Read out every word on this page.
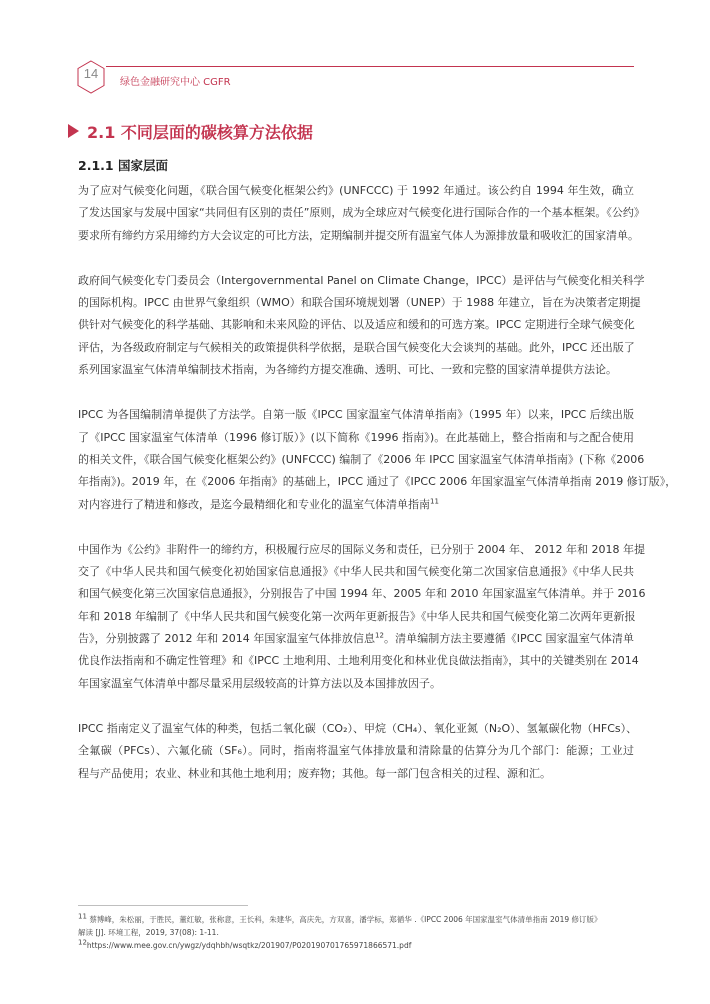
14
绿色金融研究中心 CGFR
2.1 不同层面的碳核算方法依据
2.1.1 国家层面
为了应对气候变化问题，《联合国气候变化框架公约》(UNFCCC) 于 1992 年通过。该公约自 1994 年生效，确立
了发达国家与发展中国家“共同但有区别的责任”原则，成为全球应对气候变化进行国际合作的一个基本框架。《公约》
要求所有缔约方采用缔约方大会议定的可比方法，定期编制并提交所有温室气体人为源排放量和吸收汇的国家清单。
政府间气候变化专门委员会（Intergovernmental Panel on Climate Change，IPCC）是评估与气候变化相关科学
的国际机构。IPCC 由世界气象组织（WMO）和联合国环境规划署（UNEP）于 1988 年建立，旨在为决策者定期提
供针对气候变化的科学基础、其影响和未来风险的评估、以及适应和缓和的可选方案。IPCC 定期进行全球气候变化
评估，为各级政府制定与气候相关的政策提供科学依据，是联合国气候变化大会谈判的基础。此外，IPCC 还出版了
系列国家温室气体清单编制技术指南，为各缔约方提交准确、透明、可比、一致和完整的国家清单提供方法论。
IPCC 为各国编制清单提供了方法学。自第一版《IPCC 国家温室气体清单指南》（1995 年）以来，IPCC 后续出版
了《IPCC 国家温室气体清单（1996 修订版）》(以下简称《1996 指南》)。在此基础上，整合指南和与之配合使用
的相关文件，《联合国气候变化框架公约》(UNFCCC) 编制了《2006 年 IPCC 国家温室气体清单指南》(下称《2006
年指南》)。2019 年，在《2006 年指南》的基础上，IPCC 通过了《IPCC 2006 年国家温室气体清单指南 2019 修订版》，
对内容进行了精进和修改，是迄今最精细化和专业化的温室气体清单指南$^{11}$
中国作为《公约》非附件一的缔约方，积极履行应尽的国际义务和责任，已分别于 2004 年、 2012 年和 2018 年提
交了《中华人民共和国气候变化初始国家信息通报》《中华人民共和国气候变化第二次国家信息通报》《中华人民共
和国气候变化第三次国家信息通报》，分别报告了中国 1994 年、2005 年和 2010 年国家温室气体清单。并于 2016
年和 2018 年编制了《中华人民共和国气候变化第一次两年更新报告》《中华人民共和国气候变化第二次两年更新报
告》，分别披露了 2012 年和 2014 年国家温室气体排放信息$^{12}$。清单编制方法主要遵循《IPCC 国家温室气体清单
优良作法指南和不确定性管理》和《IPCC 土地利用、土地利用变化和林业优良做法指南》，其中的关键类别在 2014
年国家温室气体清单中都尽量采用层级较高的计算方法以及本国排放因子。
IPCC 指南定义了温室气体的种类，包括二氧化碳（CO₂）、甲烷（CH₄）、氧化亚氮（N₂O）、氢氟碳化物（HFCs）、
全氟碳（PFCs）、六氟化硫（SF₆）。同时，指南将温室气体排放量和清除量的估算分为几个部门：能源；工业过
程与产品使用；农业、林业和其他土地利用；废弃物；其他。每一部门包含相关的过程、源和汇。
$^{11}$ 蔡博峰，朱松丽，于胜民，董红敏，张称意，王长科，朱建华，高庆先，方双喜，潘学标，郑循华 .《IPCC 2006 年国家温室气体清单指南 2019 修订版》
解读 [J]. 环境工程，2019, 37(08): 1-11.
$^{12}$https://www.mee.gov.cn/ywgz/ydqhbh/wsqtkz/201907/P020190701765971866571.pdf
